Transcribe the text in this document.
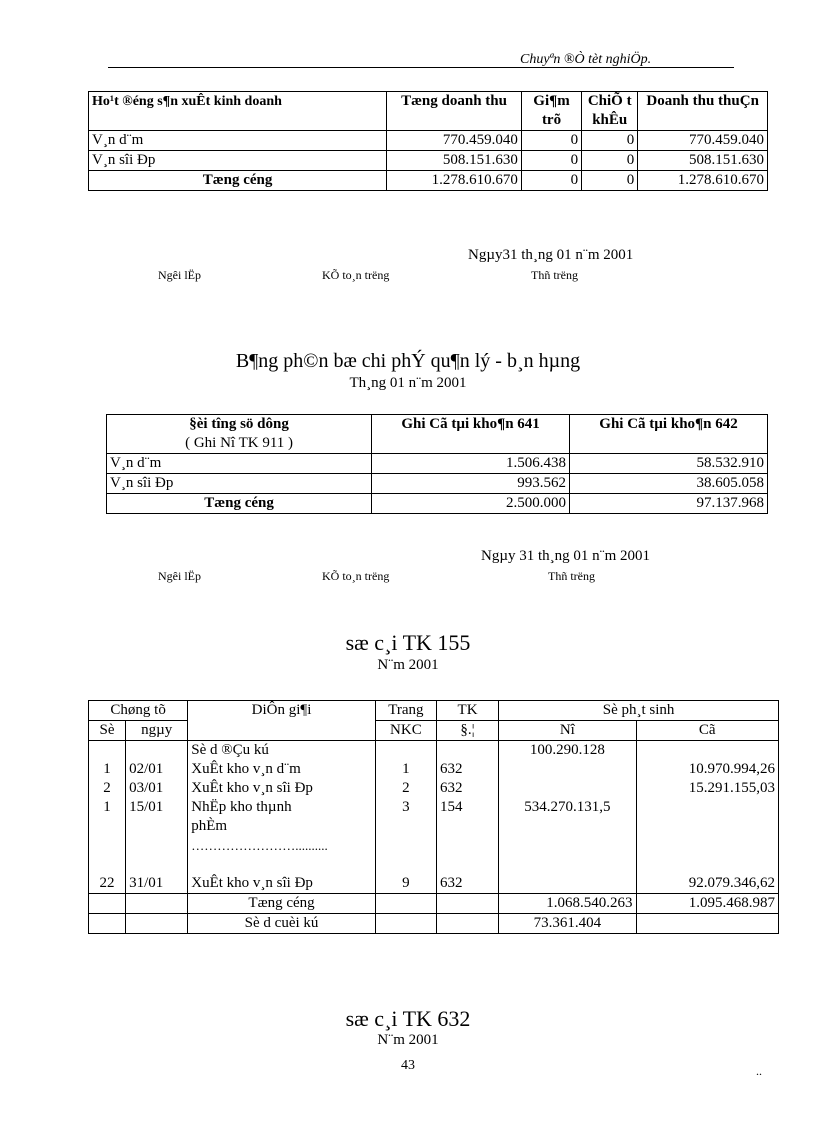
Chuyªn ®Ò tèt nghiÖp.
Ho¹t ®éng s¶n xuÊt kinh doanh	Tæng doanh thu	Gi¶m trõ	ChiÕ t khÊu	Doanh thu thuÇn
V¸n d¨m	770.459.040	0	0	770.459.040
V¸n sîi Ðp	508.151.630	0	0	508.151.630
Tæng céng	1.278.610.670	0	0	1.278.610.670
Ngµy31 th¸ng 01 n¨m 2001
Ngêi lËp	KÕ to¸n trëng	Thñ trëng
B¶ng ph©n bæ chi phÝ qu¶n lý - b¸n hµng
Th¸ng 01 n¨m 2001
§èi tîng sö dông
( Ghi Nî TK 911 )	Ghi Cã tµi kho¶n 641	Ghi Cã tµi kho¶n 642
V¸n d¨m	1.506.438	58.532.910
V¸n sîi Ðp	993.562	38.605.058
Tæng céng	2.500.000	97.137.968
Ngµy 31 th¸ng 01 n¨m 2001
Ngêi lËp	KÕ to¸n trëng	Thñ trëng
sæ c¸i TK 155
N¨m 2001
Chøng tõ		DiÔn gi¶i	Trang	TK	Sè ph¸t sinh	
Sè	ngµy		NKC	§.¦	Nî	Cã
		Sè d ®Çu kú			100.290.128	
1	02/01	XuÊt kho v¸n d¨m	1	632		10.970.994,26
2	03/01	XuÊt kho v¸n sîi Ðp	2	632		15.291.155,03
1	15/01	NhËp kho thµnh	3	154	534.270.131,5	
		phÈm				
		……………………..........				

22	31/01	XuÊt kho v¸n sîi Ðp	9	632		92.079.346,62
		Tæng céng			1.068.540.263	1.095.468.987
		Sè d cuèi kú			73.361.404	
sæ c¸i TK 632
N¨m 2001
43	..
